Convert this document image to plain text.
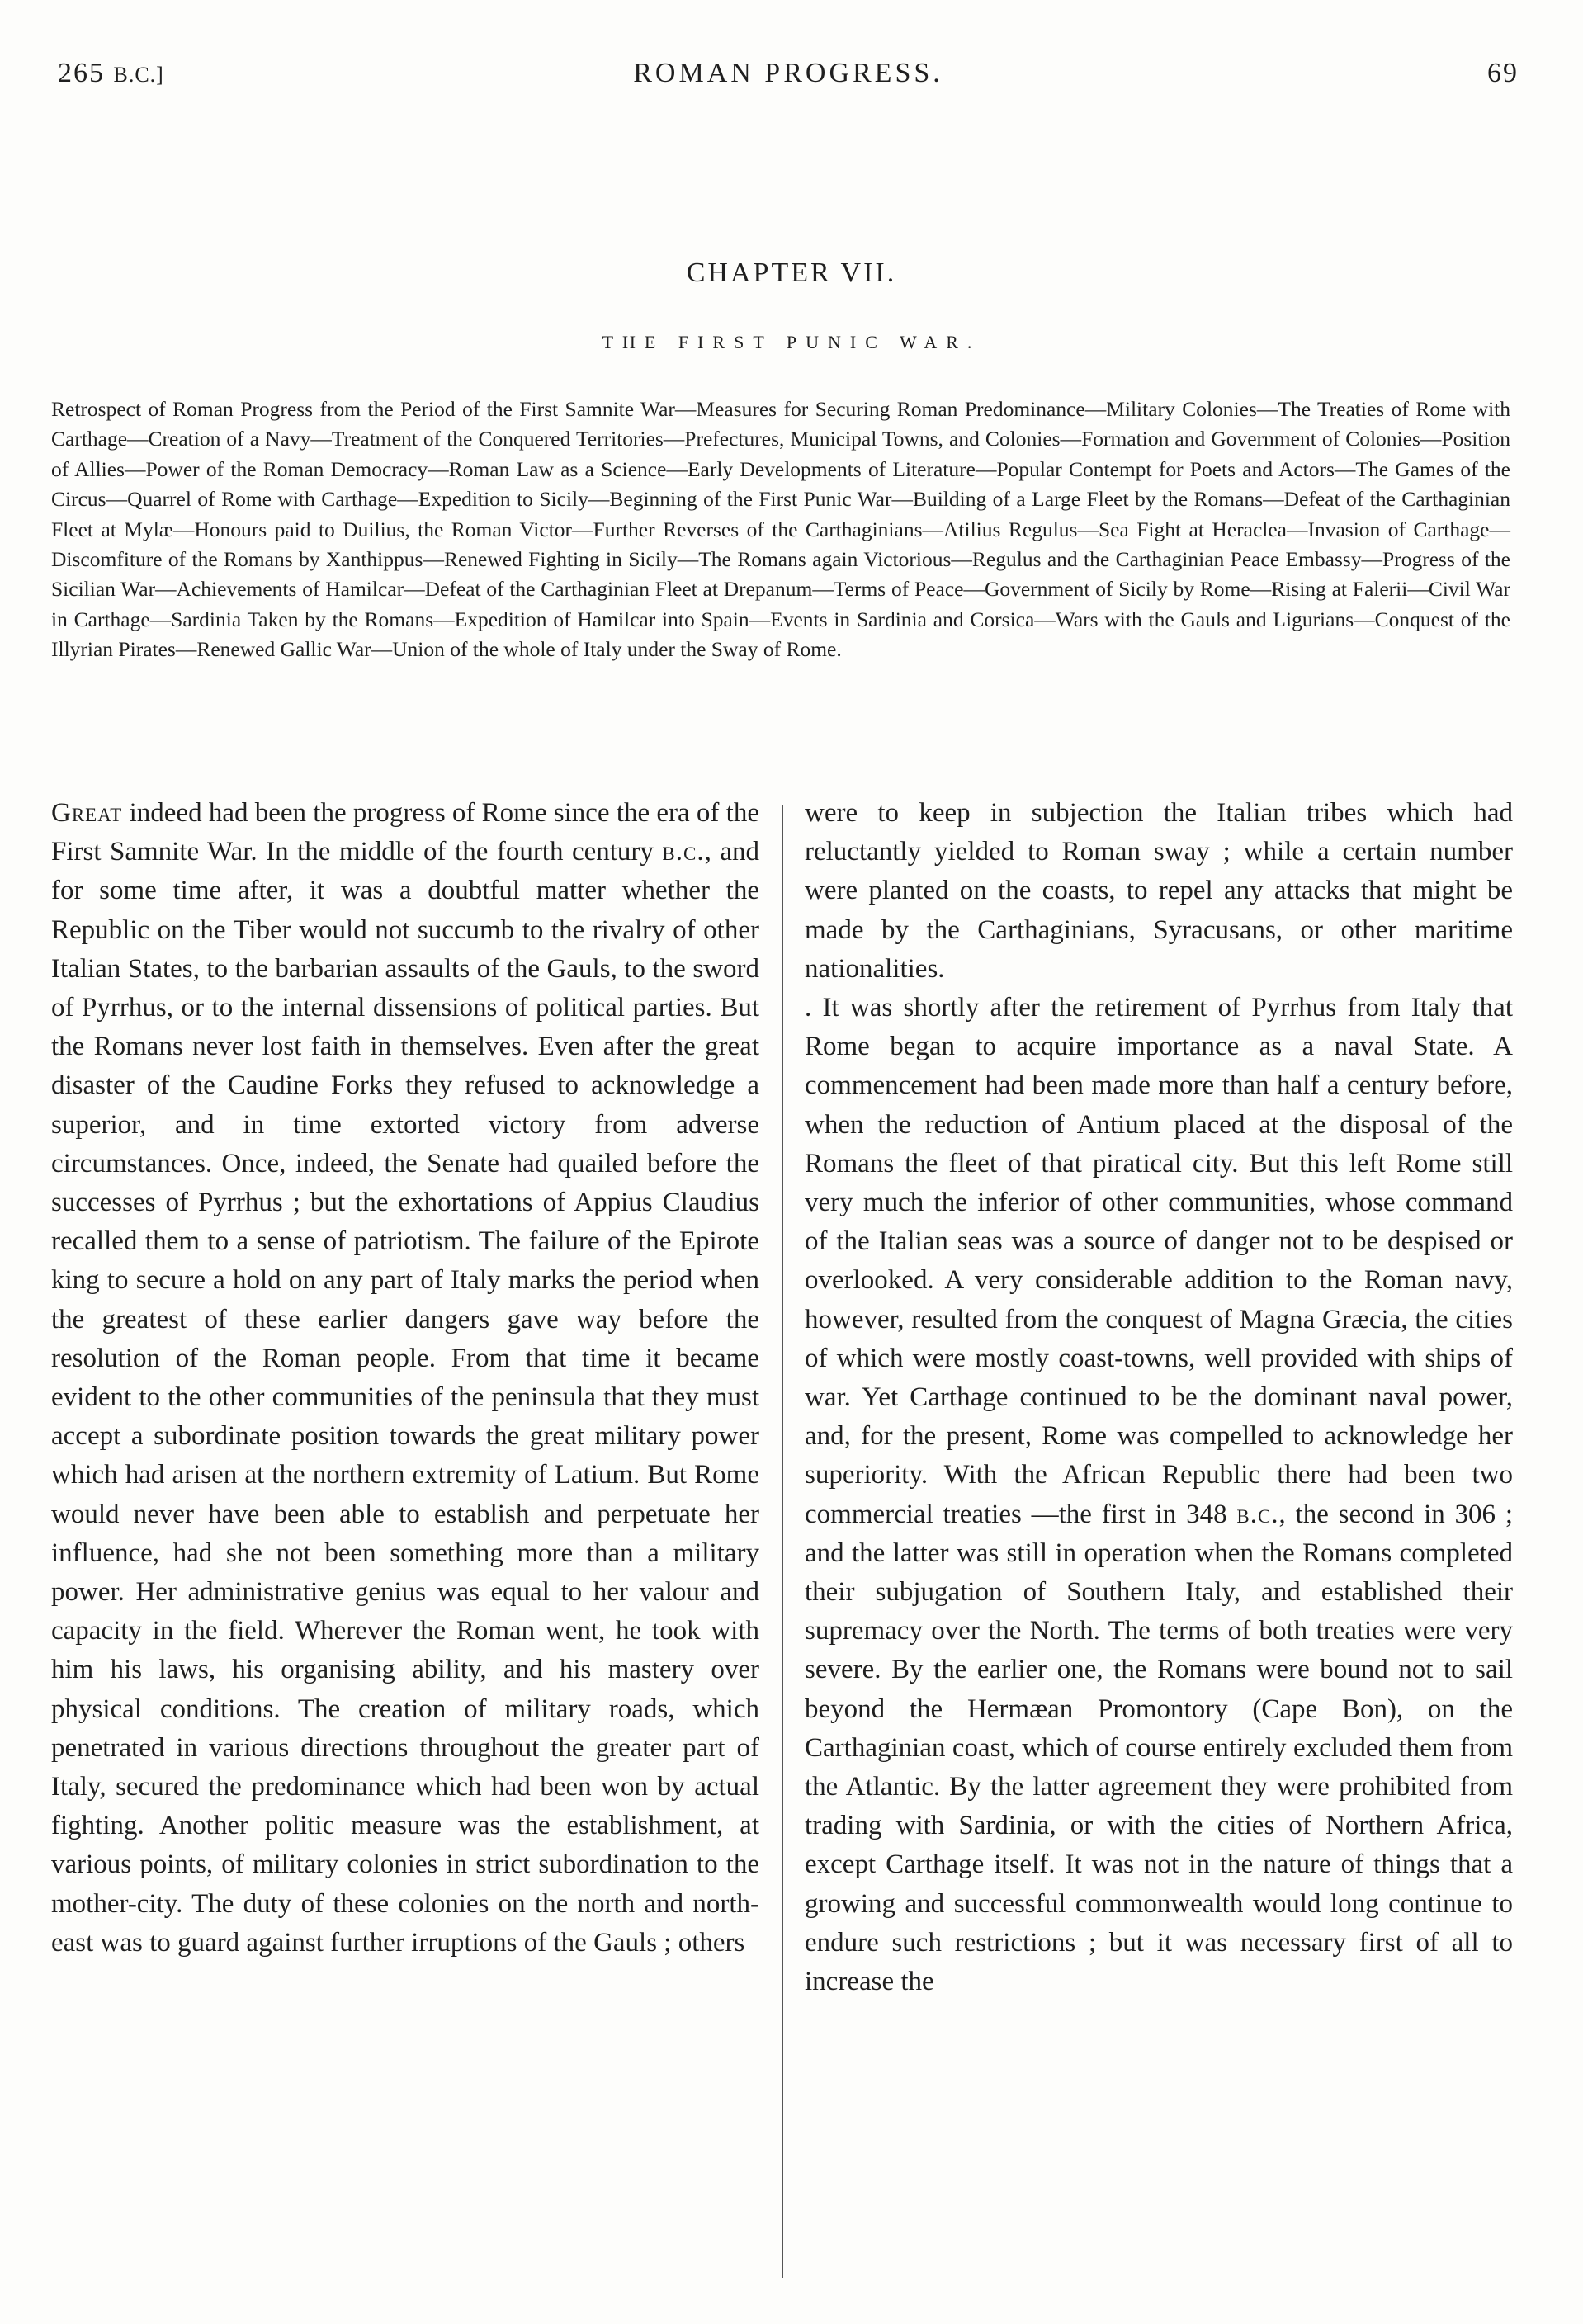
265 B.C.]	ROMAN PROGRESS.	69
CHAPTER VII.
THE FIRST PUNIC WAR.

Retrospect of Roman Progress from the Period of the First Samnite War—Measures for Securing Roman Predominance—Military Colonies—The Treaties of Rome with Carthage—Creation of a Navy—Treatment of the Conquered Territories—Prefectures, Municipal Towns, and Colonies—Formation and Government of Colonies—Position of Allies—Power of the Roman Democracy—Roman Law as a Science—Early Developments of Literature—Popular Contempt for Poets and Actors—The Games of the Circus—Quarrel of Rome with Carthage—Expedition to Sicily—Beginning of the First Punic War—Building of a Large Fleet by the Romans—Defeat of the Carthaginian Fleet at Mylæ—Honours paid to Duilius, the Roman Victor—Further Reverses of the Carthaginians—Atilius Regulus—Sea Fight at Heraclea—Invasion of Carthage—Discomfiture of the Romans by Xanthippus—Renewed Fighting in Sicily—The Romans again Victorious—Regulus and the Carthaginian Peace Embassy—Progress of the Sicilian War—Achievements of Hamilcar—Defeat of the Carthaginian Fleet at Drepanum—Terms of Peace—Government of Sicily by Rome—Rising at Falerii—Civil War in Carthage—Sardinia Taken by the Romans—Expedition of Hamilcar into Spain—Events in Sardinia and Corsica—Wars with the Gauls and Ligurians—Conquest of the Illyrian Pirates—Renewed Gallic War—Union of the whole of Italy under the Sway of Rome.

Great indeed had been the progress of Rome since the era of the First Samnite War. In the middle of the fourth century b.c., and for some time after, it was a doubtful matter whether the Republic on the Tiber would not succumb to the rivalry of other Italian States, to the barbarian assaults of the Gauls, to the sword of Pyrrhus, or to the internal dissensions of political parties. But the Romans never lost faith in themselves. Even after the great disaster of the Caudine Forks they refused to acknowledge a superior, and in time extorted victory from adverse circumstances. Once, indeed, the Senate had quailed before the successes of Pyrrhus ; but the exhortations of Appius Claudius recalled them to a sense of patriotism. The failure of the Epirote king to secure a hold on any part of Italy marks the period when the greatest of these earlier dangers gave way before the resolution of the Roman people. From that time it became evident to the other communities of the peninsula that they must accept a subordinate position towards the great military power which had arisen at the northern extremity of Latium. But Rome would never have been able to establish and perpetuate her influence, had she not been something more than a military power. Her administrative genius was equal to her valour and capacity in the field. Wherever the Roman went, he took with him his laws, his organising ability, and his mastery over physical conditions. The creation of military roads, which penetrated in various directions throughout the greater part of Italy, secured the predominance which had been won by actual fighting. Another politic measure was the establishment, at various points, of military colonies in strict subordination to the mother-city. The duty of these colonies on the north and north-east was to guard against further irruptions of the Gauls ; others

were to keep in subjection the Italian tribes which had reluctantly yielded to Roman sway ; while a certain number were planted on the coasts, to repel any attacks that might be made by the Carthaginians, Syracusans, or other maritime nationalities.

. It was shortly after the retirement of Pyrrhus from Italy that Rome began to acquire importance as a naval State. A commencement had been made more than half a century before, when the reduction of Antium placed at the disposal of the Romans the fleet of that piratical city. But this left Rome still very much the inferior of other communities, whose command of the Italian seas was a source of danger not to be despised or overlooked. A very considerable addition to the Roman navy, however, resulted from the conquest of Magna Græcia, the cities of which were mostly coast-towns, well provided with ships of war. Yet Carthage continued to be the dominant naval power, and, for the present, Rome was compelled to acknowledge her superiority. With the African Republic there had been two commercial treaties —the first in 348 b.c., the second in 306 ; and the latter was still in operation when the Romans completed their subjugation of Southern Italy, and established their supremacy over the North. The terms of both treaties were very severe. By the earlier one, the Romans were bound not to sail beyond the Hermæan Promontory (Cape Bon), on the Carthaginian coast, which of course entirely excluded them from the Atlantic. By the latter agreement they were prohibited from trading with Sardinia, or with the cities of Northern Africa, except Carthage itself. It was not in the nature of things that a growing and successful commonwealth would long continue to endure such restrictions ; but it was necessary first of all to increase the
